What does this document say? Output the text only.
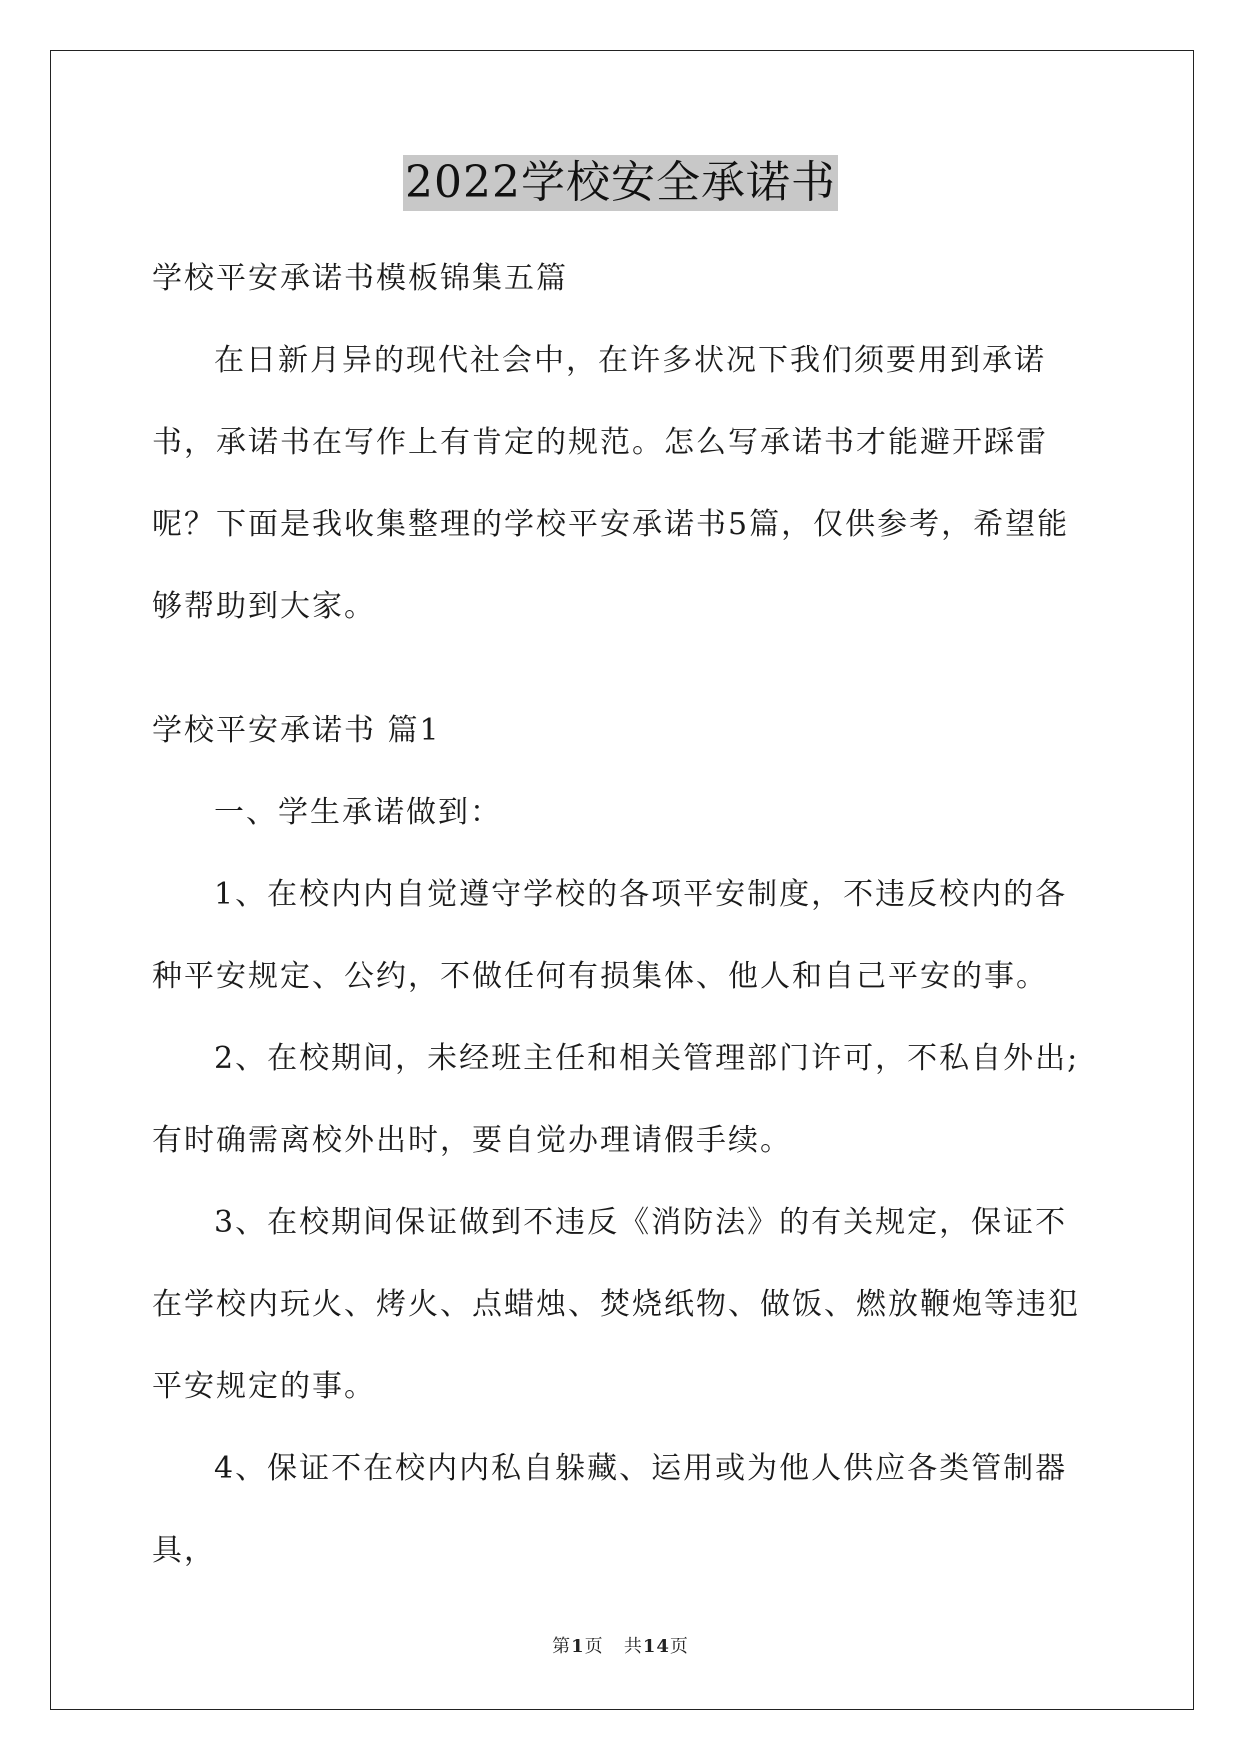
2022学校安全承诺书

学校平安承诺书模板锦集五篇

在日新月异的现代社会中，在许多状况下我们须要用到承诺书，承诺书在写作上有肯定的规范。怎么写承诺书才能避开踩雷呢？下面是我收集整理的学校平安承诺书5篇，仅供参考，希望能够帮助到大家。

学校平安承诺书 篇1

一、学生承诺做到：

1、在校内内自觉遵守学校的各项平安制度，不违反校内的各种平安规定、公约，不做任何有损集体、他人和自己平安的事。

2、在校期间，未经班主任和相关管理部门许可，不私自外出;有时确需离校外出时，要自觉办理请假手续。

3、在校期间保证做到不违反《消防法》的有关规定，保证不在学校内玩火、烤火、点蜡烛、焚烧纸物、做饭、燃放鞭炮等违犯平安规定的事。

4、保证不在校内内私自躲藏、运用或为他人供应各类管制器具，

第1页 共14页
